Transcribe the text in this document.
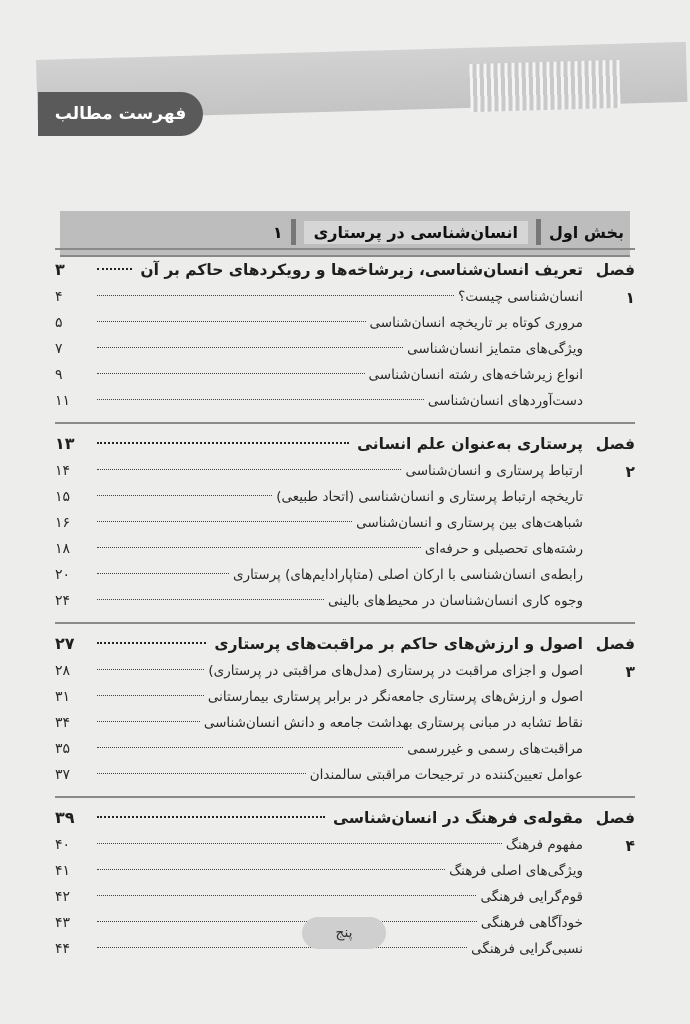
فهرست مطالب
بخش اول
انسان‌شناسی در پرستاری
۱
فصل ۱
تعریف انسان‌شناسی، زیرشاخه‌ها و رویکردهای حاکم بر آن
۳
انسان‌شناسی چیست؟
۴
مروری کوتاه بر تاریخچه انسان‌شناسی
۵
ویژگی‌های متمایز انسان‌شناسی
۷
انواع زیرشاخه‌های رشته انسان‌شناسی
۹
دست‌آوردهای انسان‌شناسی
۱۱
فصل ۲
پرستاری به‌عنوان علم انسانی
۱۳
ارتباط پرستاری و انسان‌شناسی
۱۴
تاریخچه ارتباط پرستاری و انسان‌شناسی (اتحاد طبیعی)
۱۵
شباهت‌های بین پرستاری و انسان‌شناسی
۱۶
رشته‌های تحصیلی و حرفه‌ای
۱۸
رابطه‌ی انسان‌شناسی با ارکان اصلی (متاپارادایم‌های) پرستاری
۲۰
وجوه کاری انسان‌شناسان در محیط‌های بالینی
۲۴
فصل ۳
اصول و ارزش‌های حاکم بر مراقبت‌های پرستاری
۲۷
اصول و اجزای مراقبت در پرستاری (مدل‌های مراقبتی در پرستاری)
۲۸
اصول و ارزش‌های پرستاری جامعه‌نگر در برابر پرستاری بیمارستانی
۳۱
نقاط تشابه در مبانی پرستاری بهداشت جامعه و دانش انسان‌شناسی
۳۴
مراقبت‌های رسمی و غیررسمی
۳۵
عوامل تعیین‌کننده در ترجیحات مراقبتی سالمندان
۳۷
فصل ۴
مقوله‌ی فرهنگ در انسان‌شناسی
۳۹
مفهوم فرهنگ
۴۰
ویژگی‌های اصلی فرهنگ
۴۱
قوم‌گرایی فرهنگی
۴۲
خودآگاهی فرهنگی
۴۳
نسبی‌گرایی فرهنگی
۴۴
پنج
